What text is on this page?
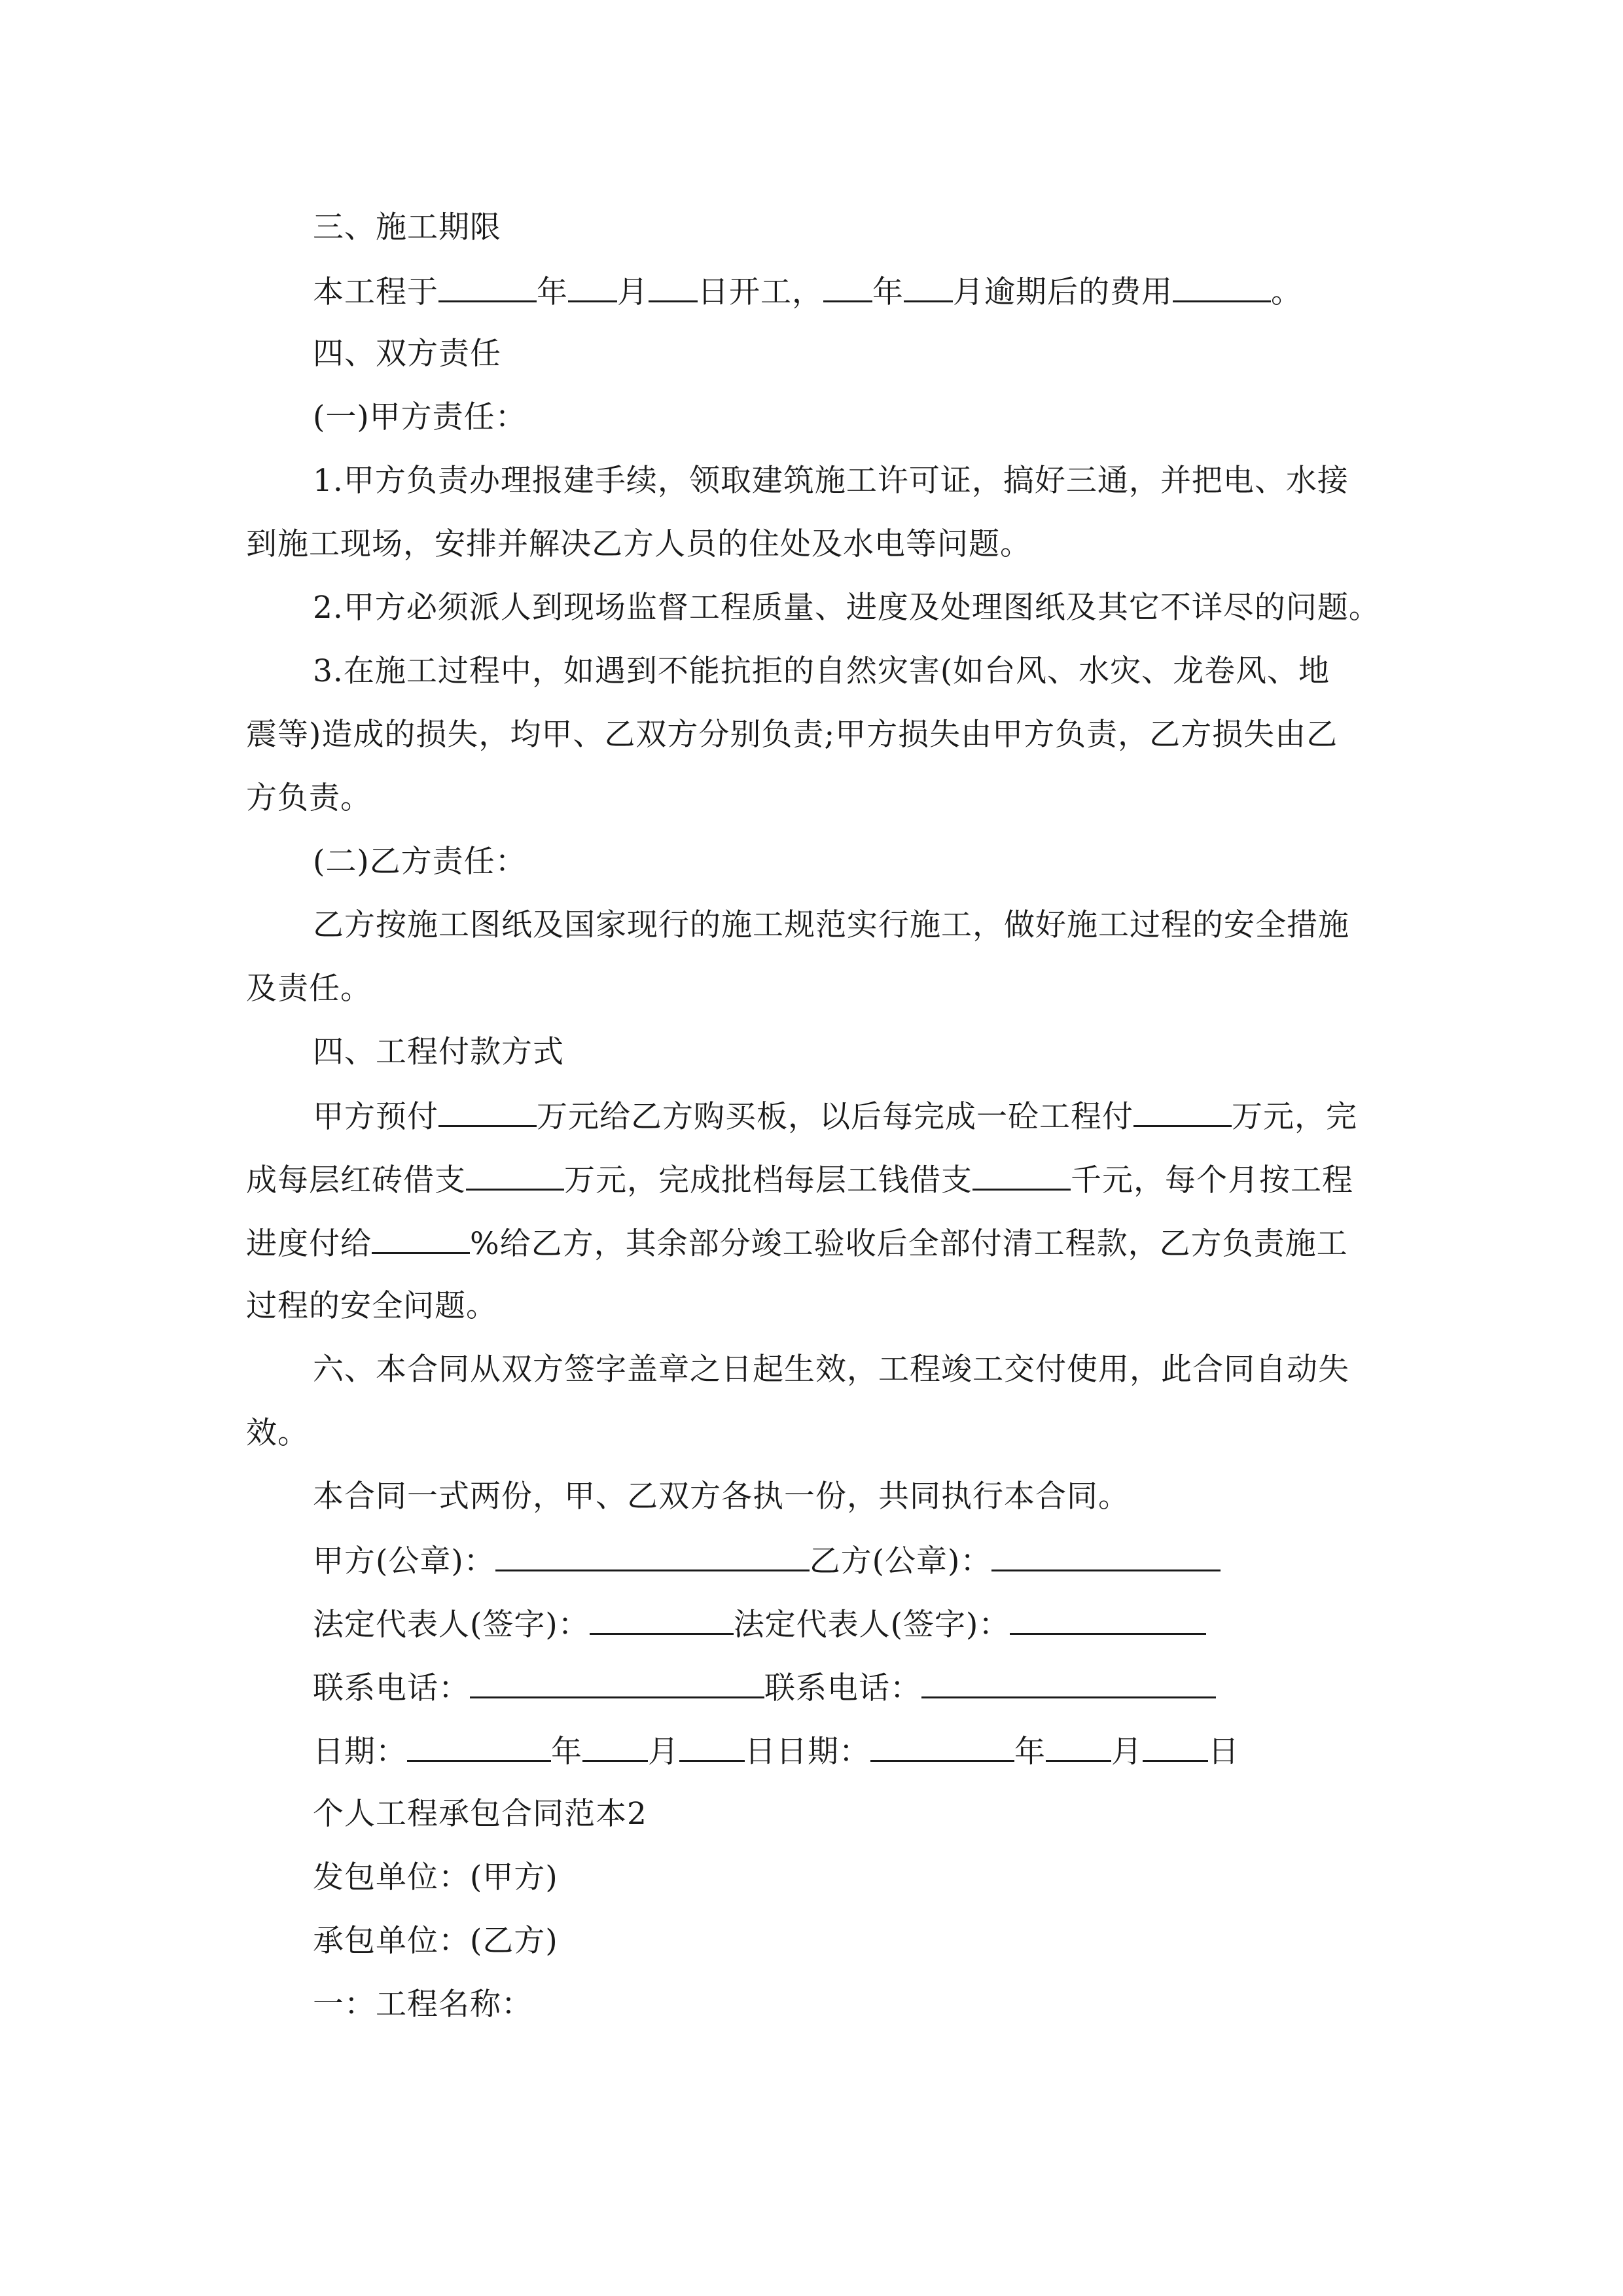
三、施工期限
本工程于	年 月 日开工， 年 月逾期后的费用	。
四、双方责任
(一)甲方责任：
1.甲方负责办理报建手续，领取建筑施工许可证，搞好三通，并把电、水接
到施工现场，安排并解决乙方人员的住处及水电等问题。
2.甲方必须派人到现场监督工程质量、进度及处理图纸及其它不详尽的问题。
3.在施工过程中，如遇到不能抗拒的自然灾害(如台风、水灾、龙卷风、地
震等)造成的损失，均甲、乙双方分别负责;甲方损失由甲方负责，乙方损失由乙
方负责。
(二)乙方责任：
乙方按施工图纸及国家现行的施工规范实行施工，做好施工过程的安全措施
及责任。
四、工程付款方式
甲方预付	万元给乙方购买板，以后每完成一砼工程付	万元，完
成每层红砖借支	万元，完成批档每层工钱借支	千元，每个月按工程
进度付给	%给乙方，其余部分竣工验收后全部付清工程款，乙方负责施工
过程的安全问题。
六、本合同从双方签字盖章之日起生效，工程竣工交付使用，此合同自动失
效。
本合同一式两份，甲、乙双方各执一份，共同执行本合同。
甲方(公章)：	乙方(公章)：
法定代表人(签字)：	法定代表人(签字)：
联系电话：	联系电话：
日期：	年 月 日日期：	年 月 日
个人工程承包合同范本2
发包单位：(甲方)
承包单位：(乙方)
一：工程名称：
